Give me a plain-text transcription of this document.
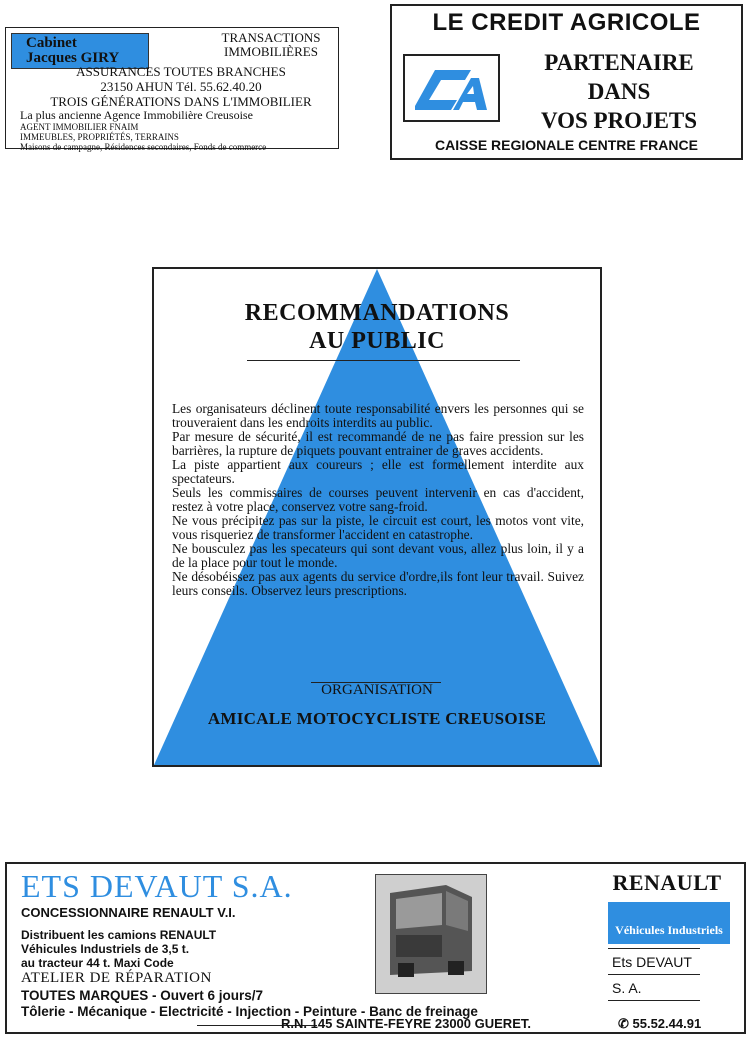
Cabinet
Jacques GIRY
TRANSACTIONS
IMMOBILIÈRES
ASSURANCES TOUTES BRANCHES
23150 AHUN Tél. 55.62.40.20
TROIS GÉNÉRATIONS DANS L'IMMOBILIER
La plus ancienne Agence Immobilière Creusoise
AGENT IMMOBILIER FNAIM
IMMEUBLES, PROPRIÉTÉS, TERRAINS
Maisons de campagne, Résidences secondaires, Fonds de commerce
LE CREDIT AGRICOLE
PARTENAIRE
DANS
VOS PROJETS
CAISSE REGIONALE CENTRE FRANCE
RECOMMANDATIONS
AU PUBLIC

Les organisateurs déclinent toute responsabilité envers les personnes qui se trouveraient dans les endroits interdits au public.

Par mesure de sécurité, il est recommandé de ne pas faire pression sur les barrières, la rupture de piquets pouvant entrainer de graves accidents.

La piste appartient aux coureurs ; elle est formellement interdite aux spectateurs.

Seuls les commissaires de courses peuvent intervenir en cas d'accident, restez à votre place, conservez votre sang-froid.

Ne vous précipitez pas sur la piste, le circuit est court, les motos vont vite, vous risqueriez de transformer l'accident en catastrophe.

Ne bousculez pas les specateurs qui sont devant vous, allez plus loin, il y a de la place pour tout le monde.

Ne désobéissez pas aux agents du service d'ordre,ils font leur travail. Suivez leurs conseils. Observez leurs prescriptions.

ORGANISATION
AMICALE MOTOCYCLISTE CREUSOISE
ETS DEVAUT S.A.
CONCESSIONNAIRE RENAULT V.I.
Distribuent les camions RENAULT
Véhicules Industriels de 3,5 t.
au tracteur 44 t. Maxi Code
ATELIER DE RÉPARATION
TOUTES MARQUES - Ouvert 6 jours/7
Tôlerie - Mécanique - Electricité - Injection - Peinture - Banc de freinage
R.N. 145 SAINTE-FEYRE 23000 GUERET.	✆ 55.52.44.91
RENAULT
Véhicules Industriels
Ets DEVAUT
S. A.
